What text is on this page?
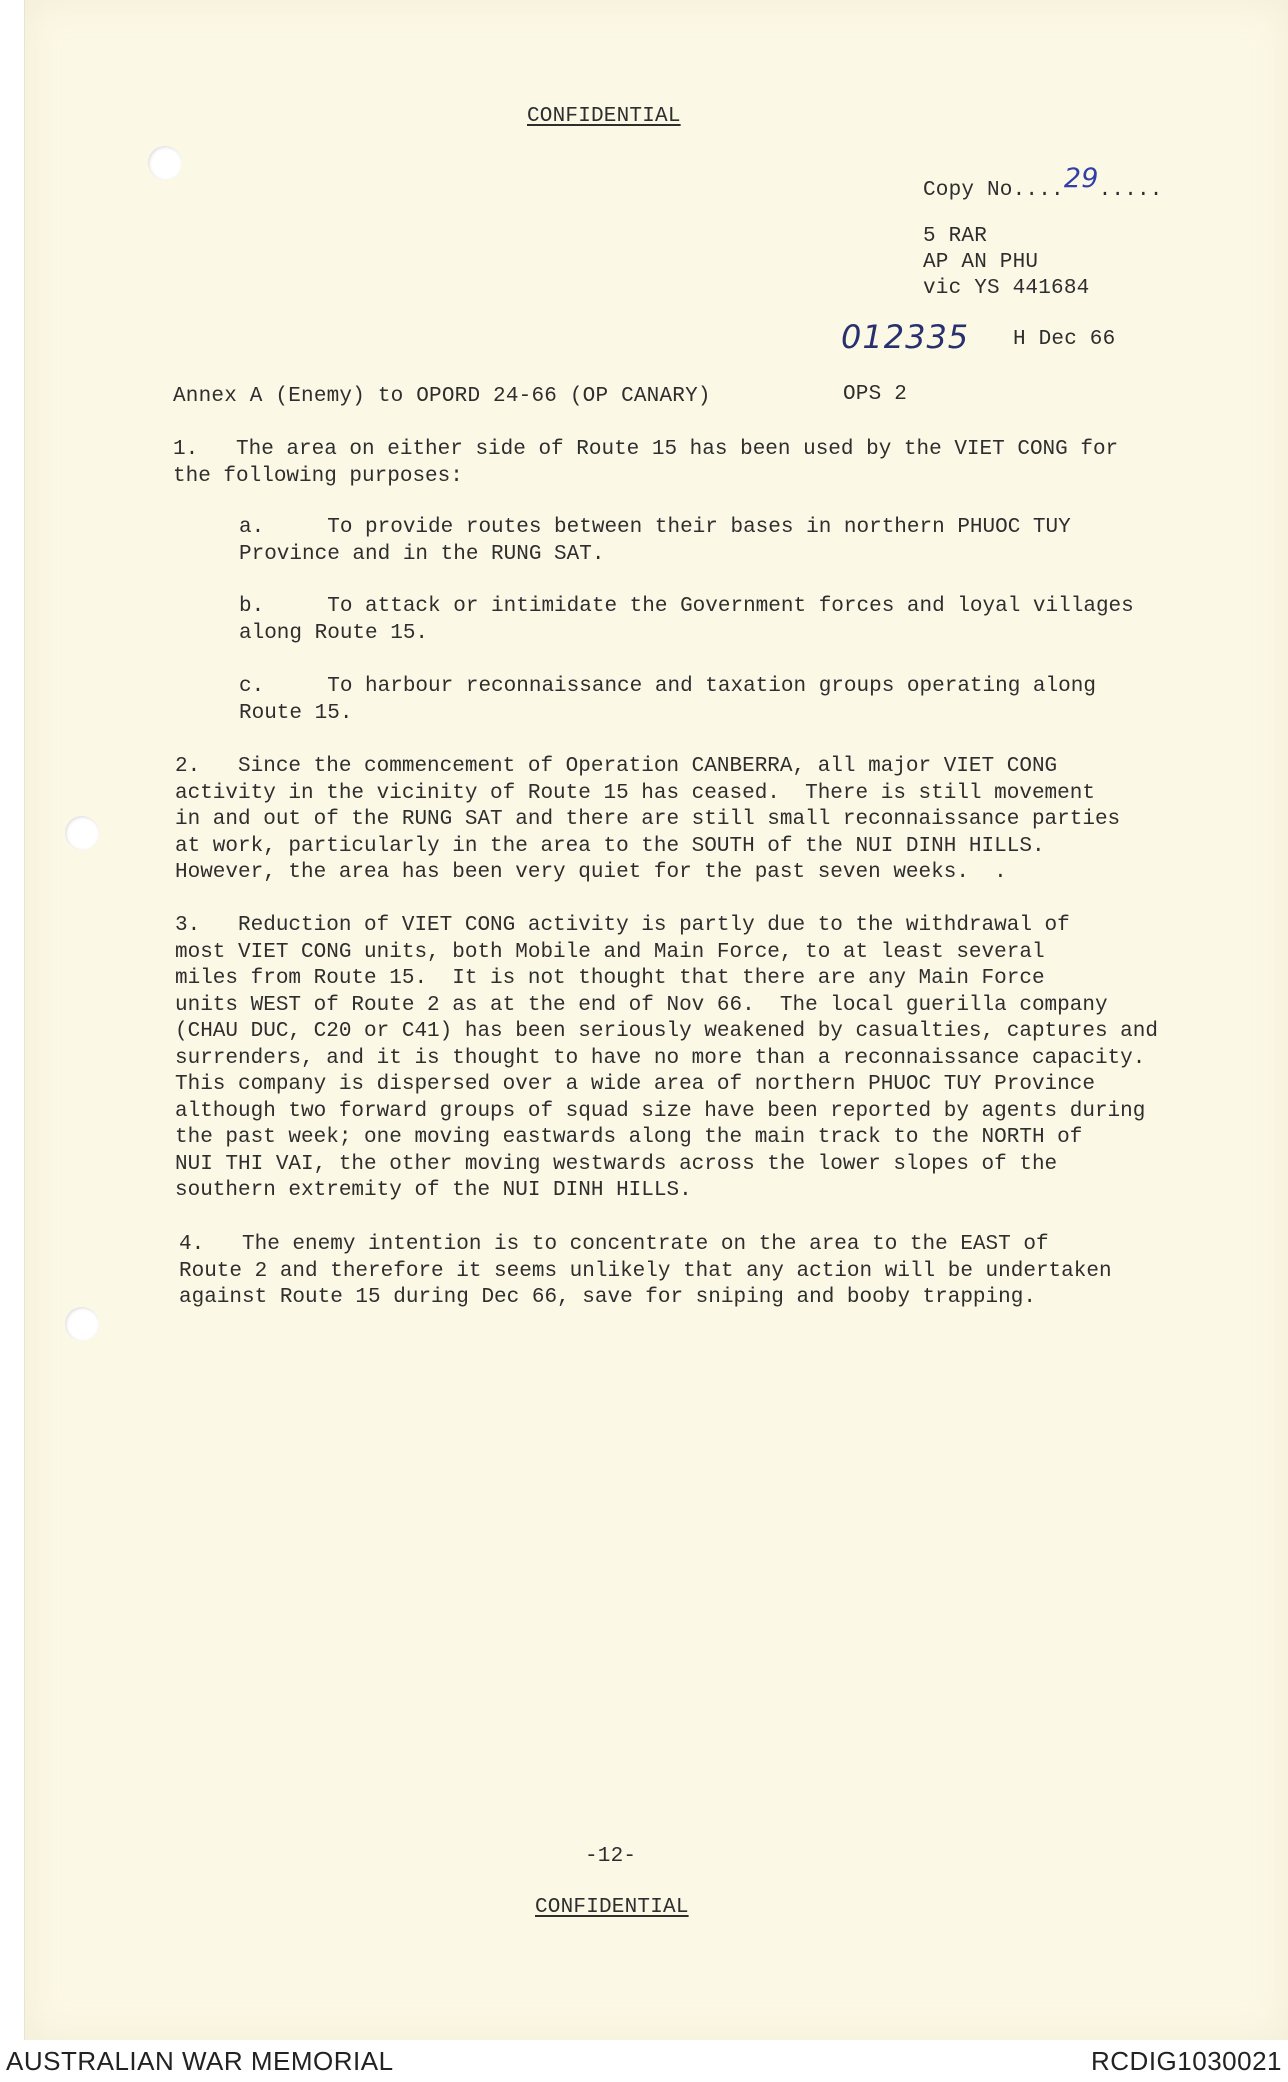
CONFIDENTIAL
Copy No....29.....
5 RAR
AP AN PHU
vic YS 441684
012335 H Dec 66
Annex A (Enemy) to OPORD 24-66 (OP CANARY)	OPS 2
1.   The area on either side of Route 15 has been used by the VIET CONG for
the following purposes:
a.     To provide routes between their bases in northern PHUOC TUY
Province and in the RUNG SAT.
b.     To attack or intimidate the Government forces and loyal villages
along Route 15.
c.     To harbour reconnaissance and taxation groups operating along
Route 15.
2.   Since the commencement of Operation CANBERRA, all major VIET CONG
activity in the vicinity of Route 15 has ceased.  There is still movement
in and out of the RUNG SAT and there are still small reconnaissance parties
at work, particularly in the area to the SOUTH of the NUI DINH HILLS.
However, the area has been very quiet for the past seven weeks.  .
3.   Reduction of VIET CONG activity is partly due to the withdrawal of
most VIET CONG units, both Mobile and Main Force, to at least several
miles from Route 15.  It is not thought that there are any Main Force
units WEST of Route 2 as at the end of Nov 66.  The local guerilla company
(CHAU DUC, C20 or C41) has been seriously weakened by casualties, captures and
surrenders, and it is thought to have no more than a reconnaissance capacity.
This company is dispersed over a wide area of northern PHUOC TUY Province
although two forward groups of squad size have been reported by agents during
the past week; one moving eastwards along the main track to the NORTH of
NUI THI VAI, the other moving westwards across the lower slopes of the
southern extremity of the NUI DINH HILLS.
4.   The enemy intention is to concentrate on the area to the EAST of
Route 2 and therefore it seems unlikely that any action will be undertaken
against Route 15 during Dec 66, save for sniping and booby trapping.
-12-
CONFIDENTIAL
AUSTRALIAN WAR MEMORIAL	RCDIG1030021
